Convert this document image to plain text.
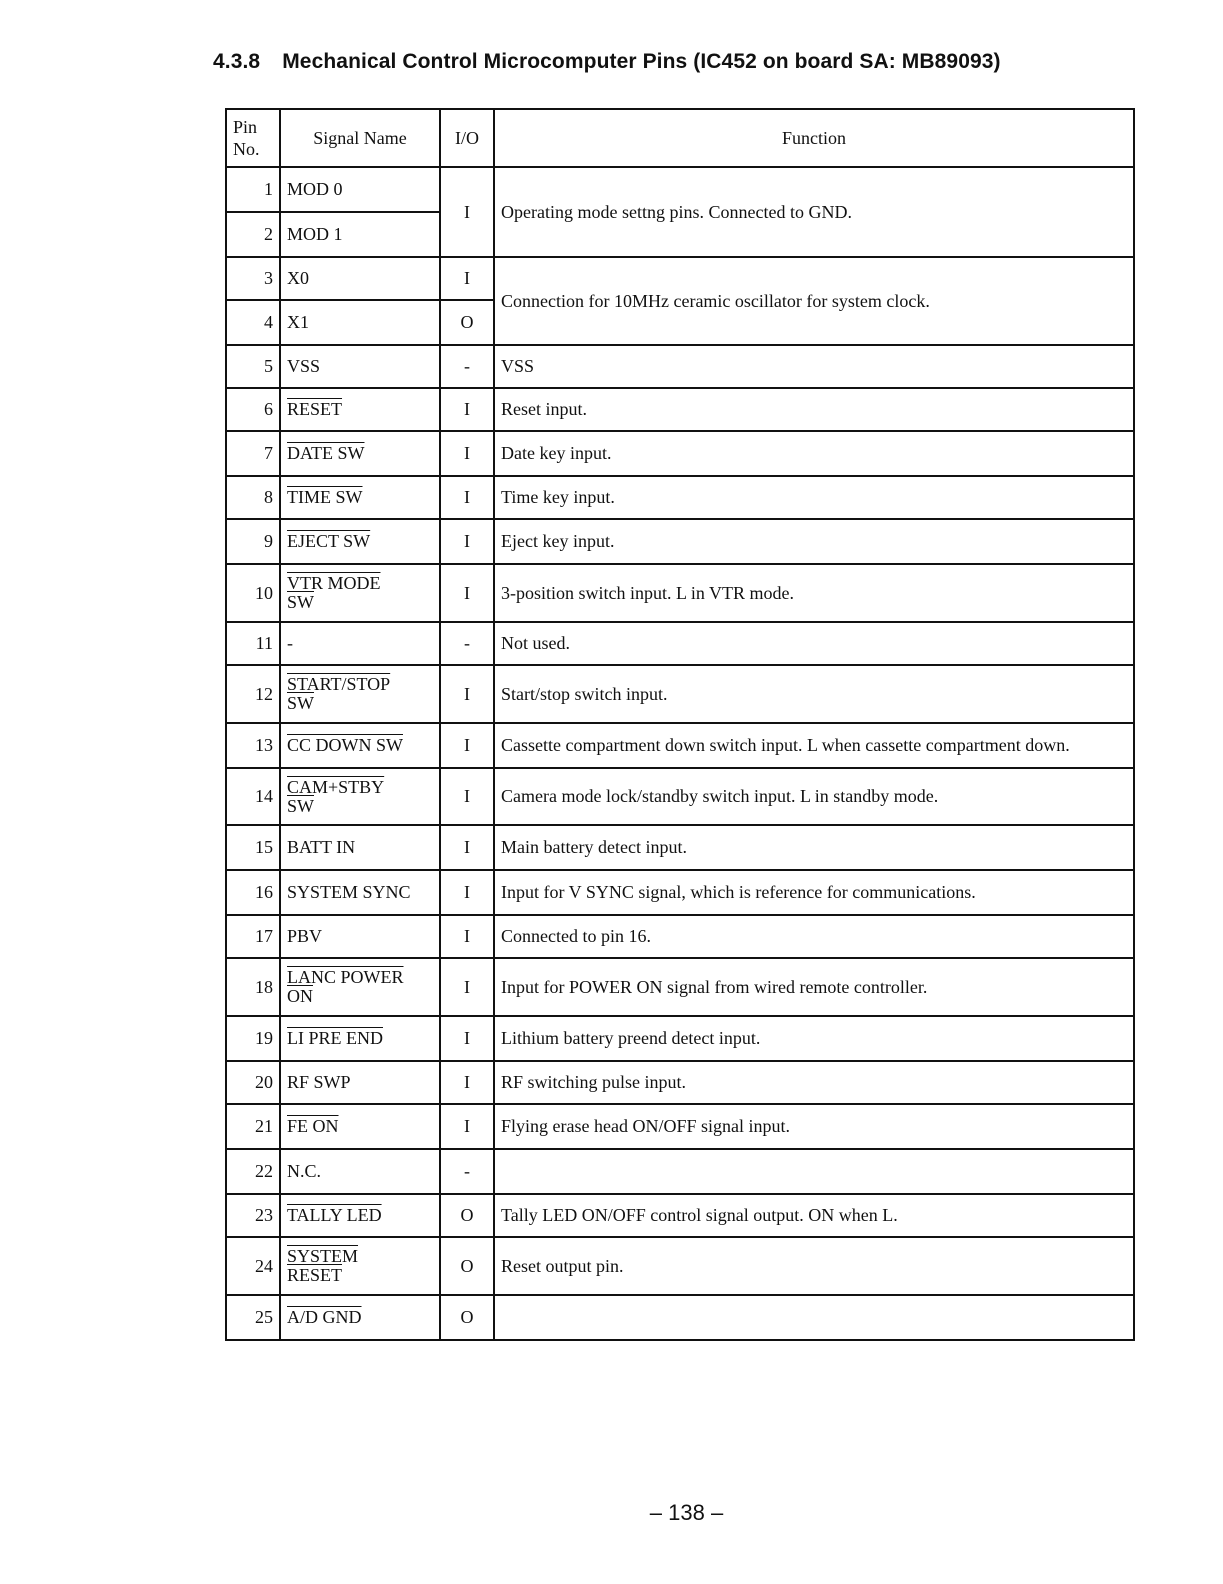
4.3.8 Mechanical Control Microcomputer Pins (IC452 on board SA: MB89093)
Pin
No.	Signal Name	I/O	Function
1	MOD 0	I	Operating mode settng pins. Connected to GND.
2	MOD 1		

3	X0	I	Connection for 10MHz ceramic oscillator for system clock.
4	X1	O	
5	VSS	-	VSS
6	RESET	I	Reset input.
7	DATE SW	I	Date key input.
8	TIME SW	I	Time key input.
9	EJECT SW	I	Eject key input.
10	VTR MODE
$\overline{SW}$	I	3-position switch input. L in VTR mode.
11	-	-	Not used.
12	START/STOP
$\overline{SW}$	I	Start/stop switch input.
13	CC DOWN SW	I	Cassette compartment down switch input. L when cassette compartment down.
14	CAM+STBY
$\overline{SW}$	I	Camera mode lock/standby switch input. L in standby mode.
15	BATT IN	I	Main battery detect input.
16	SYSTEM SYNC	I	Input for V SYNC signal, which is reference for communications.
17	PBV	I	Connected to pin 16.
18	LANC POWER
$\overline{ON}$	I	Input for POWER ON signal from wired remote controller.
19	LI PRE END	I	Lithium battery preend detect input.
20	RF SWP	I	RF switching pulse input.
21	FE ON	I	Flying erase head ON/OFF signal input.
22	N.C.	-	
23	TALLY LED	O	Tally LED ON/OFF control signal output. ON when L.
24	SYSTEM
RESET	O	Reset output pin.
25	A/D GND	O	
– 138 –
